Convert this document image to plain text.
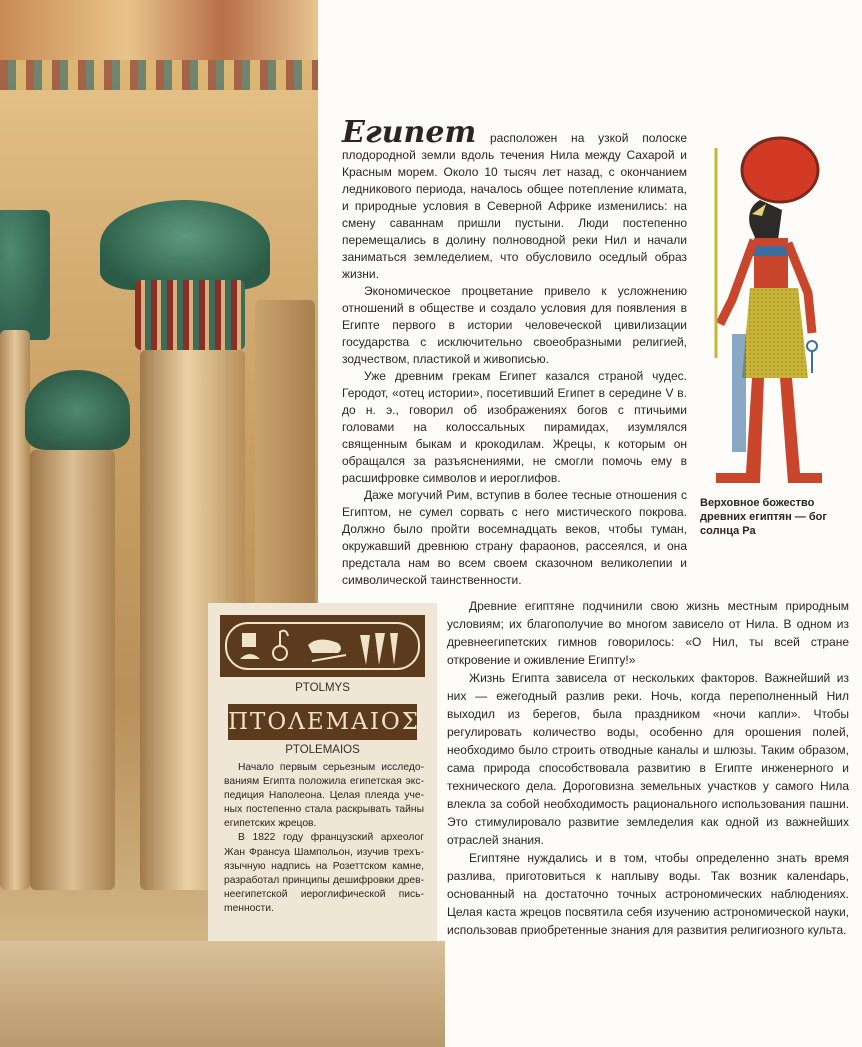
Египет расположен на узкой полоске плодородной земли вдоль течения Нила между Сахарой и Красным морем. Около 10 тысяч лет назад, с окончанием ледникового периода, началось общее потепление климата, и природные условия в Северной Африке изменились: на смену саваннам пришли пустыни. Люди постепенно перемещались в долину полноводной реки Нил и начали заниматься земледелием, что обусловило оседлый образ жизни.

Экономическое процветание привело к усложнению отношений в обществе и создало условия для появления в Египте первого в истории человеческой цивилизации государства с исключительно своеобразными религией, зодчеством, пластикой и живописью.

Уже древним грекам Египет казался страной чудес. Геродот, «отец истории», посетивший Египет в середине V в. до н. э., говорил об изображениях богов с птичьими головами на колоссальных пирамидах, изумлялся священным быкам и крокодилам. Жрецы, к которым он обращался за разъяснениями, не смогли помочь ему в расшифровке символов и иероглифов.

Даже могучий Рим, вступив в более тесные отношения с Египтом, не сумел сорвать с него мистического покрова. Должно было пройти восемнадцать веков, чтобы туман, окружавший древнюю страну фараонов, рассеялся, и она предстала нам во всем своем сказочном великолепии и символической таинственности.

Верховное божество древних египтян — бог солнца Ра
PTOLMYS
ΠΤΟΛΕΜΑΙΟΣ
PTOLEMAIOS

Начало первым серьезным исследованиям Египта положила египетская экспедиция Наполеона. Целая плеяда ученых постепенно стала раскрывать тайны египетских жрецов.

В 1822 году французский археолог Жан Франсуа Шампольон, изучив трехъязычную надпись на Розеттском камне, разработал принципы дешифровки древнеегипетской иероглифической письmенности.

Древние египтяне подчинили свою жизнь местным природным условиям; их благополучие во многом зависело от Нила. В одном из древнеегипетских гимнов говорилось: «О Нил, ты всей стране откровение и оживление Египту!»

Жизнь Египта зависела от нескольких факторов. Важнейший из них — ежегодный разлив реки. Ночь, когда переполненный Нил выходил из берегов, была праздником «ночи капли». Чтобы регулировать количество воды, особенно для орошения полей, необходимо было строить отводные каналы и шлюзы. Таким образом, сама природа способствовала развитию в Египте инженерного и технического дела. Дороговизна земельных участков у самого Нила влекла за собой необходимость рационального использования пашни. Это стимулировало развитие земледелия как одной из важнейших отраслей знания.

Египтяне нуждались и в том, чтобы определенно знать время разлива, приготовиться к наплыву воды. Так возник каленdарь, основанный на достаточно точных астрономических наблюдениях. Целая каста жрецов посвятила себя изучению астрономической науки, использовав приобретенные знания для развития религиозного культа.
